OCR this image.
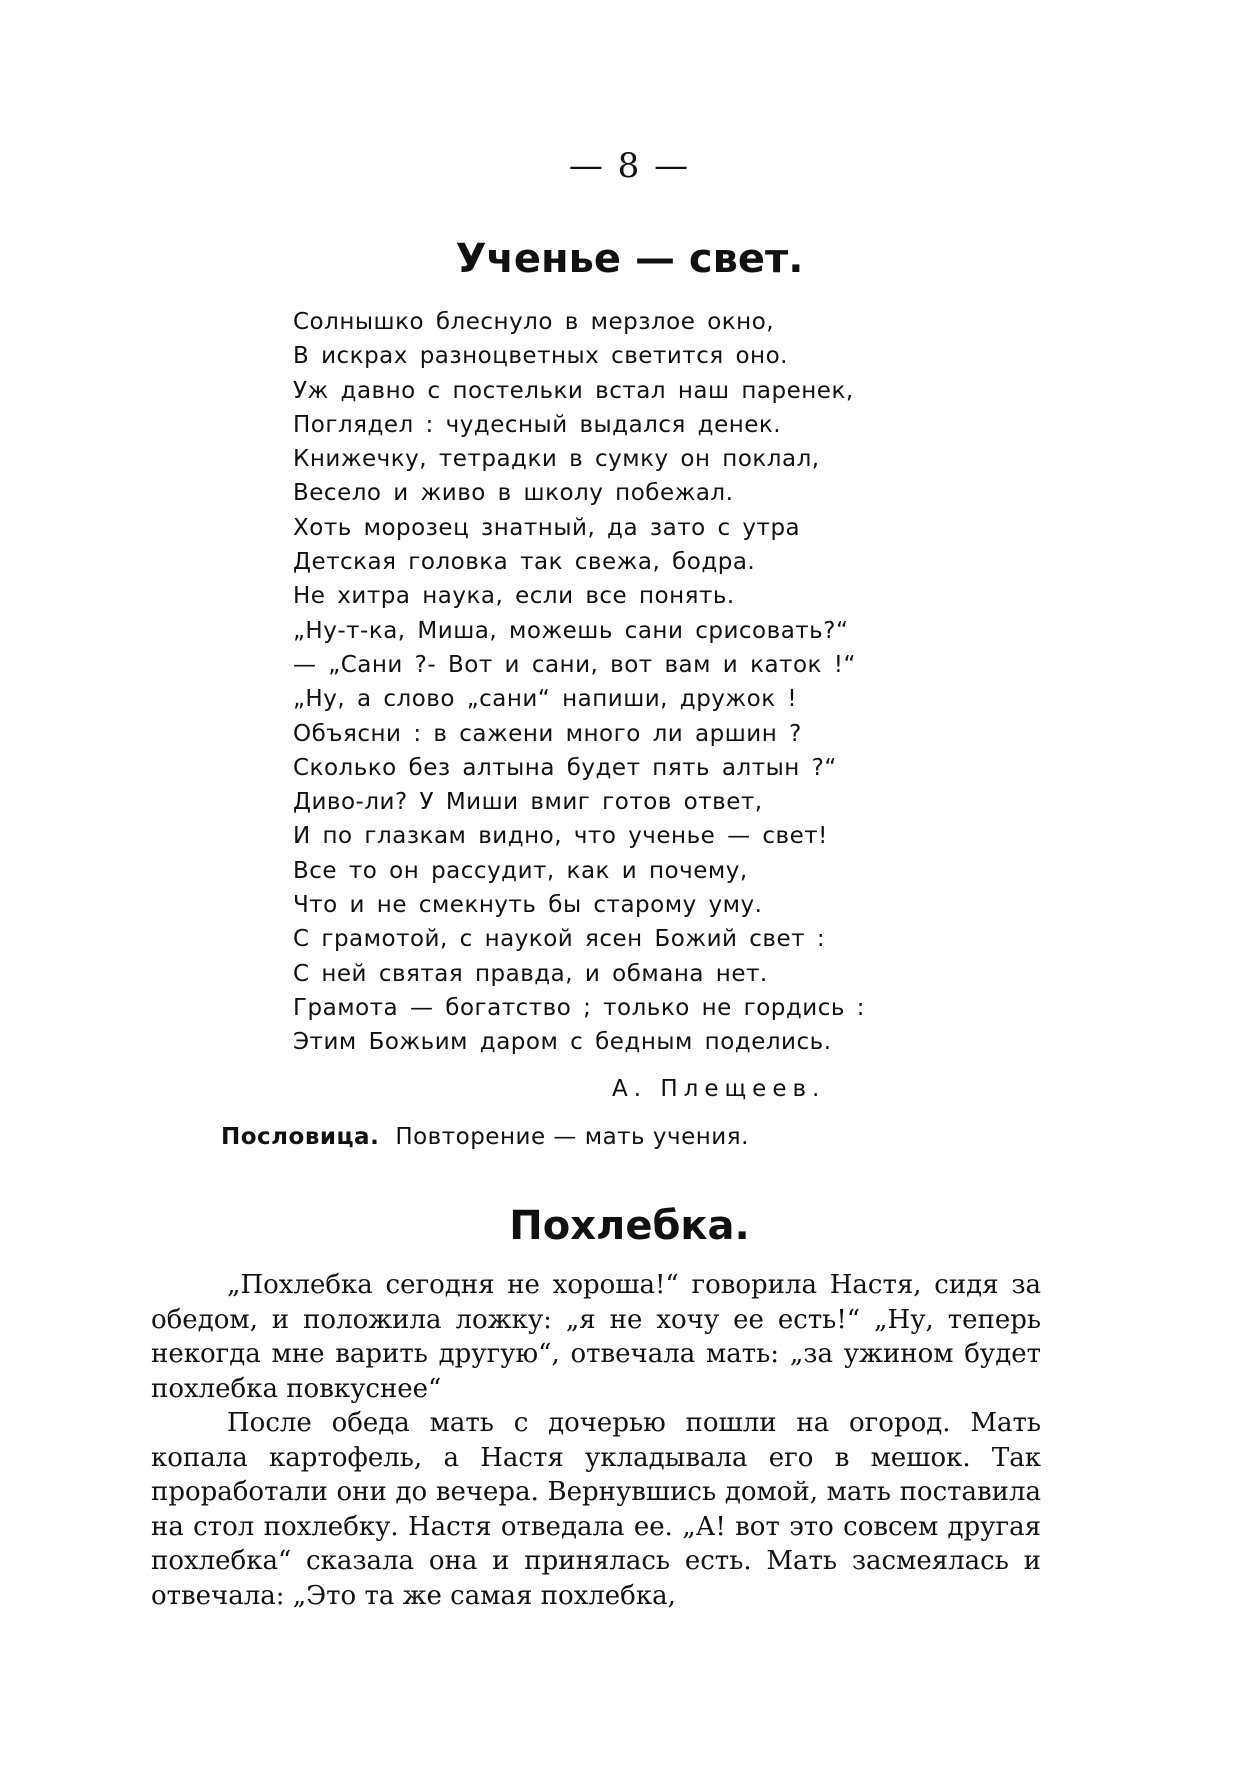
— 8 —
Ученье — свет.
Солнышко блеснуло в мерзлое окно,
В искрах разноцветных светится оно.
Уж давно с постельки встал наш паренек,
Поглядел : чудесный выдался денек.
Книжечку, тетрадки в сумку он поклал,
Весело и живо в школу побежал.
Хоть морозец знатный, да зато с утра
Детская головка так свежа, бодра.
Не хитра наука, если все понять.
„Ну-т-ка, Миша, можешь сани срисовать?“
— „Сани ?- Вот и сани, вот вам и каток !“
„Ну, а слово „сани“ напиши, дружок !
Объясни : в сажени много ли аршин ?
Сколько без алтына будет пять алтын ?“
Диво-ли? У Миши вмиг готов ответ,
И по глазкам видно, что ученье — свет!
Все то он рассудит, как и почему,
Что и не смекнуть бы старому уму.
С грамотой, с наукой ясен Божий свет :
С ней святая правда, и обмана нет.
Грамота — богатство ; только не гордись :
Этим Божьим даром с бедным поделись.
А. Плещеев.
Пословица. Повторение — мать учения.
Похлебка.

„Похлебка сегодня не хороша!“ говорила Настя, сидя за обедом, и положила ложку: „я не хочу ее есть!“ „Ну, теперь некогда мне варить другую“, отвечала мать: „за ужином будет похлебка повкуснее“

После обеда мать с дочерью пошли на огород. Мать копала картофель, а Настя укладывала его в мешок. Так проработали они до вечера. Вернувшись домой, мать поставила на стол похлебку. Настя отведала ее. „А! вот это совсем другая похлебка“ сказала она и принялась есть. Мать засмеялась и отвечала: „Это та же самая похлебка,
